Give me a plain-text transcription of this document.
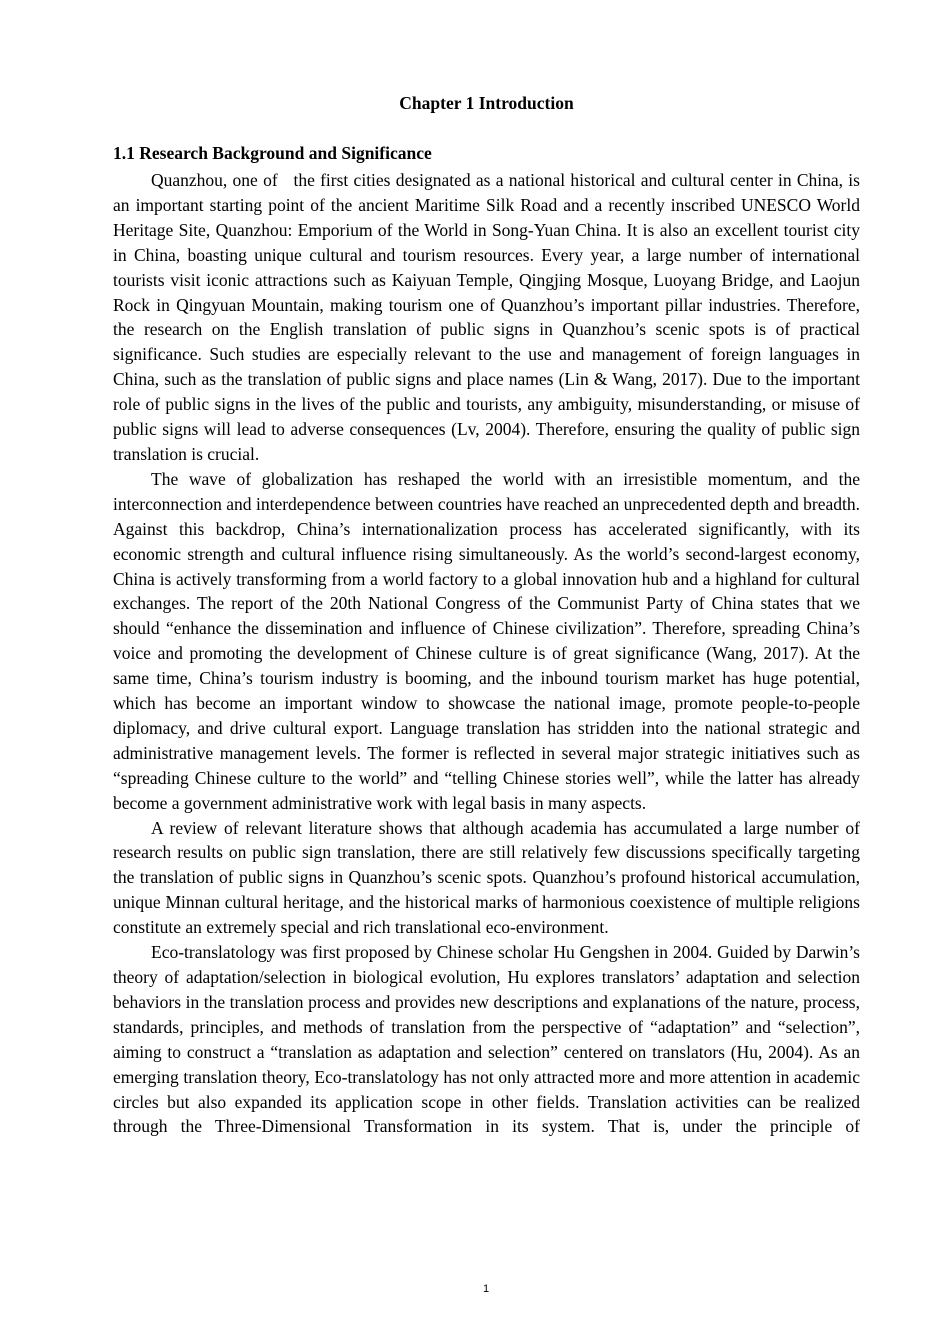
Chapter 1 Introduction
1.1 Research Background and Significance

Quanzhou, one of   the first cities designated as a national historical and cultural center in China, is an important starting point of the ancient Maritime Silk Road and a recently inscribed UNESCO World Heritage Site, Quanzhou: Emporium of the World in Song-Yuan China. It is also an excellent tourist city in China, boasting unique cultural and tourism resources. Every year, a large number of international tourists visit iconic attractions such as Kaiyuan Temple, Qingjing Mosque, Luoyang Bridge, and Laojun Rock in Qingyuan Mountain, making tourism one of Quanzhou’s important pillar industries. Therefore, the research on the English translation of public signs in Quanzhou’s scenic spots is of practical significance. Such studies are especially relevant to the use and management of foreign languages in China, such as the translation of public signs and place names (Lin & Wang, 2017). Due to the important role of public signs in the lives of the public and tourists, any ambiguity, misunderstanding, or misuse of public signs will lead to adverse consequences (Lv, 2004). Therefore, ensuring the quality of public sign translation is crucial.

The wave of globalization has reshaped the world with an irresistible momentum, and the interconnection and interdependence between countries have reached an unprecedented depth and breadth. Against this backdrop, China’s internationalization process has accelerated significantly, with its economic strength and cultural influence rising simultaneously. As the world’s second-largest economy, China is actively transforming from a world factory to a global innovation hub and a highland for cultural exchanges. The report of the 20th National Congress of the Communist Party of China states that we should “enhance the dissemination and influence of Chinese civilization”. Therefore, spreading China’s voice and promoting the development of Chinese culture is of great significance (Wang, 2017). At the same time, China’s tourism industry is booming, and the inbound tourism market has huge potential, which has become an important window to showcase the national image, promote people-to-people diplomacy, and drive cultural export. Language translation has stridden into the national strategic and administrative management levels. The former is reflected in several major strategic initiatives such as “spreading Chinese culture to the world” and “telling Chinese stories well”, while the latter has already become a government administrative work with legal basis in many aspects.

A review of relevant literature shows that although academia has accumulated a large number of research results on public sign translation, there are still relatively few discussions specifically targeting the translation of public signs in Quanzhou’s scenic spots. Quanzhou’s profound historical accumulation, unique Minnan cultural heritage, and the historical marks of harmonious coexistence of multiple religions constitute an extremely special and rich translational eco-environment.

Eco-translatology was first proposed by Chinese scholar Hu Gengshen in 2004. Guided by Darwin’s theory of adaptation/selection in biological evolution, Hu explores translators’ adaptation and selection behaviors in the translation process and provides new descriptions and explanations of the nature, process, standards, principles, and methods of translation from the perspective of “adaptation” and “selection”, aiming to construct a “translation as adaptation and selection” centered on translators (Hu, 2004). As an emerging translation theory, Eco-translatology has not only attracted more and more attention in academic circles but also expanded its application scope in other fields. Translation activities can be realized through the Three-Dimensional Transformation in its system. That is, under the principle of

1
